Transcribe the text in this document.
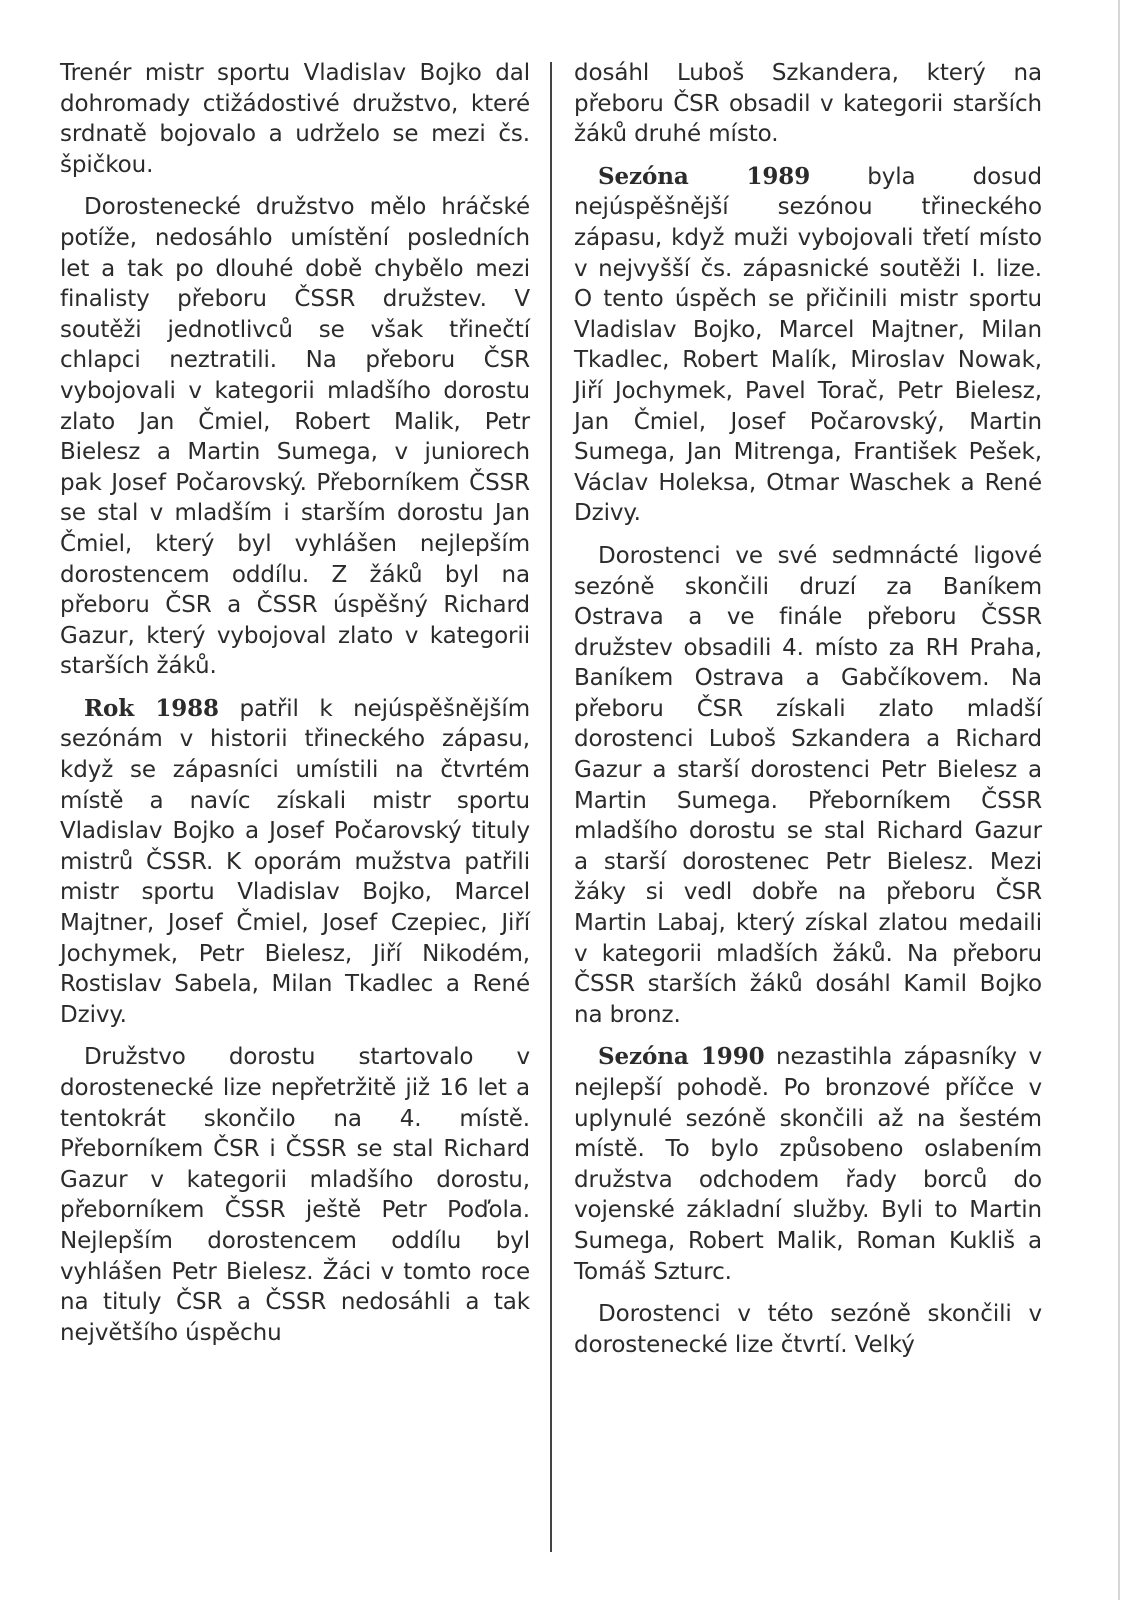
Trenér mistr sportu Vladislav Bojko dal dohromady ctižádostivé družstvo, které srdnatě bojovalo a udrželo se mezi čs. špičkou.

Dorostenecké družstvo mělo hráčské potíže, nedosáhlo umístění posledních let a tak po dlouhé době chybělo mezi finalisty přeboru ČSSR družstev. V soutěži jednotlivců se však třinečtí chlapci neztratili. Na přeboru ČSR vybojovali v kategorii mladšího dorostu zlato Jan Čmiel, Robert Malik, Petr Bielesz a Martin Sumega, v juniorech pak Josef Počarovský. Přeborníkem ČSSR se stal v mladším i starším dorostu Jan Čmiel, který byl vyhlášen nejlepším dorostencem oddílu. Z žáků byl na přeboru ČSR a ČSSR úspěšný Richard Gazur, který vybojoval zlato v kategorii starších žáků.

Rok 1988 patřil k nejúspěšnějším sezónám v historii třineckého zápasu, když se zápasníci umístili na čtvrtém místě a navíc získali mistr sportu Vladislav Bojko a Josef Počarovský tituly mistrů ČSSR. K oporám mužstva patřili mistr sportu Vladislav Bojko, Marcel Majtner, Josef Čmiel, Josef Czepiec, Jiří Jochymek, Petr Bielesz, Jiří Nikodém, Rostislav Sabela, Milan Tkadlec a René Dzivy.

Družstvo dorostu startovalo v dorostenecké lize nepřetržitě již 16 let a tentokrát skončilo na 4. místě. Přeborníkem ČSR i ČSSR se stal Richard Gazur v kategorii mladšího dorostu, přeborníkem ČSSR ještě Petr Poďola. Nejlepším dorostencem oddílu byl vyhlášen Petr Bielesz. Žáci v tomto roce na tituly ČSR a ČSSR nedosáhli a tak největšího úspěchu

dosáhl Luboš Szkandera, který na přeboru ČSR obsadil v kategorii starších žáků druhé místo.

Sezóna 1989 byla dosud nejúspěšnější sezónou třineckého zápasu, když muži vybojovali třetí místo v nejvyšší čs. zápasnické soutěži I. lize. O tento úspěch se přičinili mistr sportu Vladislav Bojko, Marcel Majtner, Milan Tkadlec, Robert Malík, Miroslav Nowak, Jiří Jochymek, Pavel Torač, Petr Bielesz, Jan Čmiel, Josef Počarovský, Martin Sumega, Jan Mitrenga, František Pešek, Václav Holeksa, Otmar Waschek a René Dzivy.

Dorostenci ve své sedmnácté ligové sezóně skončili druzí za Baníkem Ostrava a ve finále přeboru ČSSR družstev obsadili 4. místo za RH Praha, Baníkem Ostrava a Gabčíkovem. Na přeboru ČSR získali zlato mladší dorostenci Luboš Szkandera a Richard Gazur a starší dorostenci Petr Bielesz a Martin Sumega. Přeborníkem ČSSR mladšího dorostu se stal Richard Gazur a starší dorostenec Petr Bielesz. Mezi žáky si vedl dobře na přeboru ČSR Martin Labaj, který získal zlatou medaili v kategorii mladších žáků. Na přeboru ČSSR starších žáků dosáhl Kamil Bojko na bronz.

Sezóna 1990 nezastihla zápasníky v nejlepší pohodě. Po bronzové příčce v uplynulé sezóně skončili až na šestém místě. To bylo způsobeno oslabením družstva odchodem řady borců do vojenské základní služby. Byli to Martin Sumega, Robert Malik, Roman Kukliš a Tomáš Szturc.

Dorostenci v této sezóně skončili v dorostenecké lize čtvrtí. Velký
